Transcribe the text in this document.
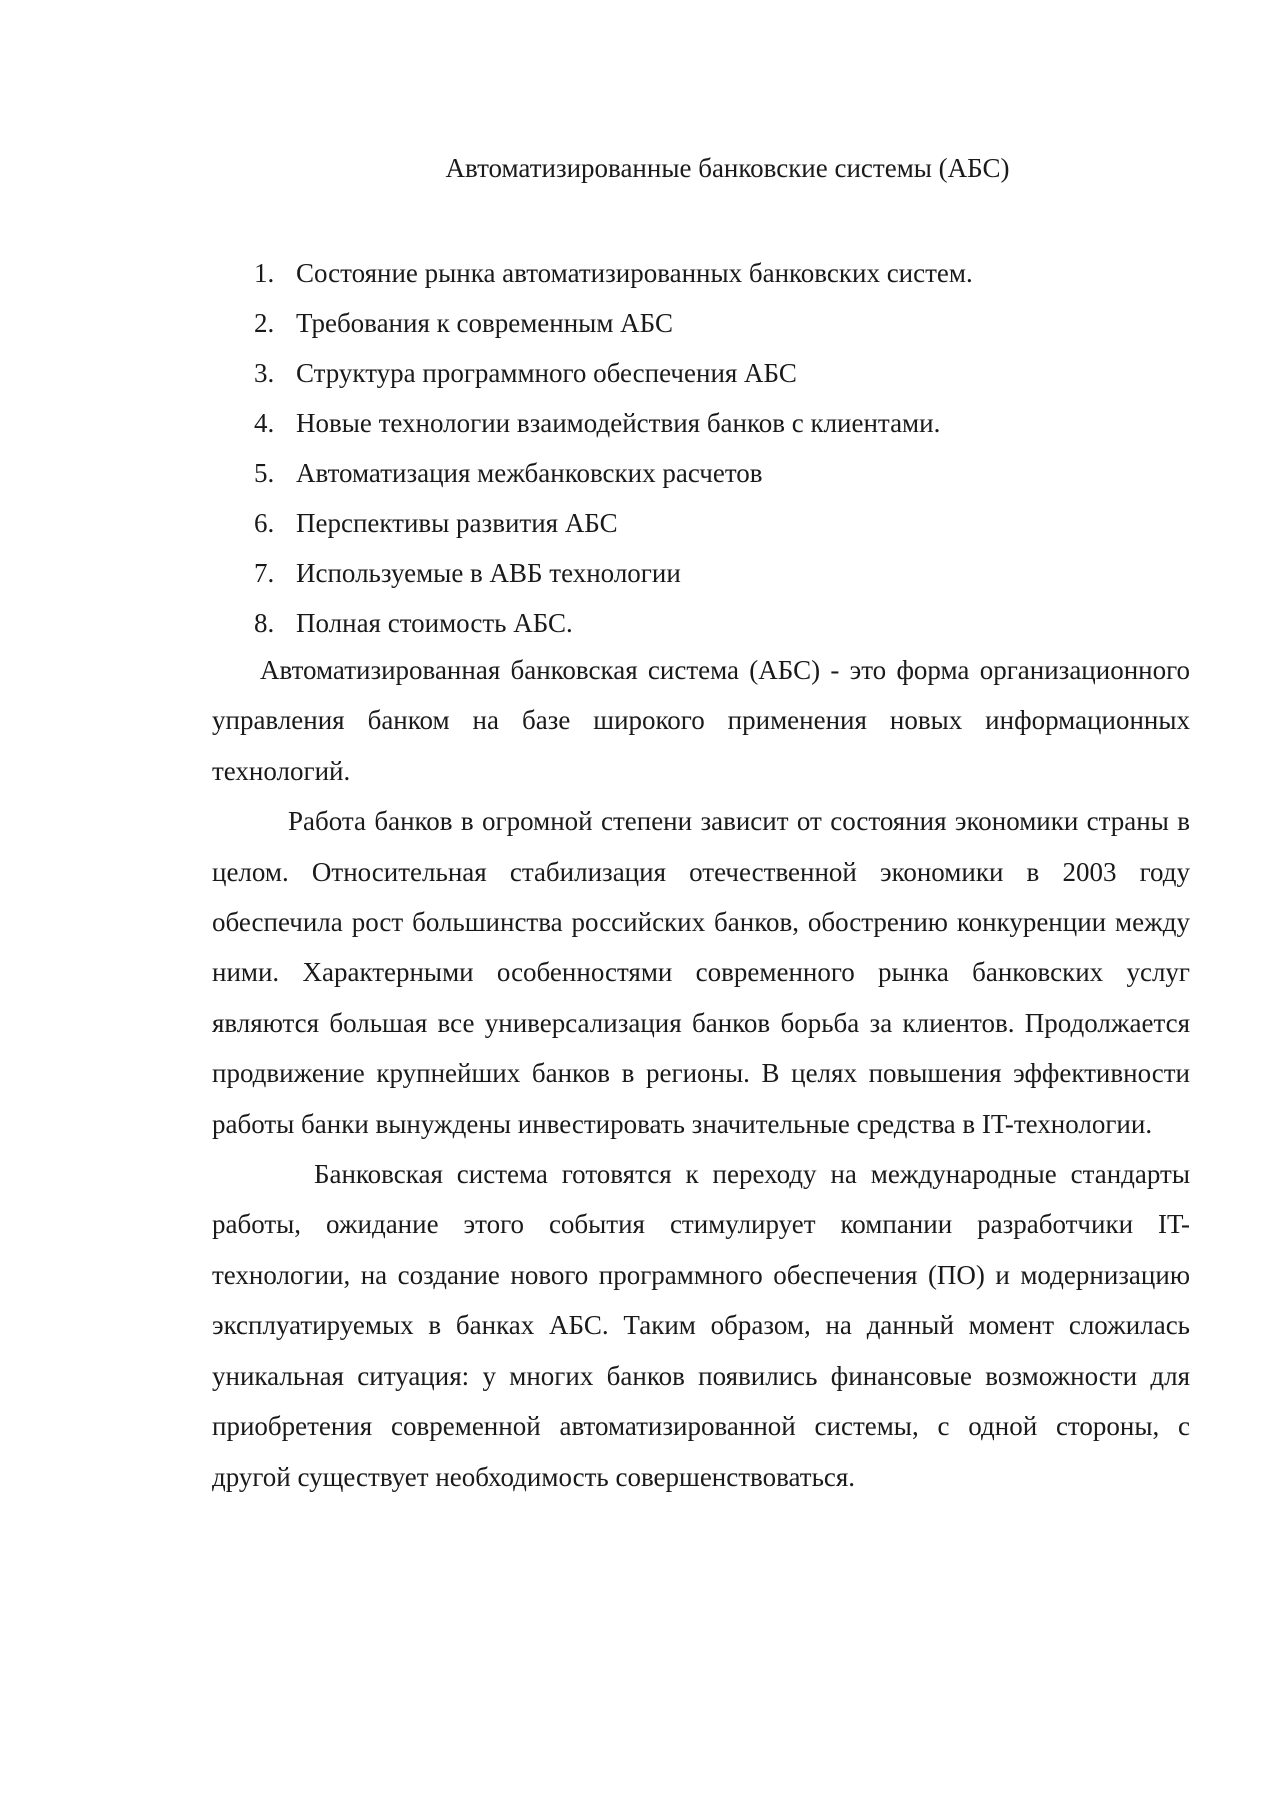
Автоматизированные банковские системы (АБС)
1. Состояние рынка автоматизированных банковских систем.
2. Требования к современным АБС
3. Структура программного обеспечения АБС
4. Новые технологии взаимодействия банков с клиентами.
5. Автоматизация межбанковских расчетов
6. Перспективы развития АБС
7. Используемые в АВБ технологии
8. Полная стоимость АБС.

Автоматизированная банковская система (АБС) - это форма организационного управления банком на базе широкого применения новых информационных технологий.

Работа банков в огромной степени зависит от состояния экономики страны в целом. Относительная стабилизация отечественной экономики в 2003 году обеспечила рост большинства российских банков, обострению конкуренции между ними. Характерными особенностями современного рынка банковских услуг являются большая все универсализация банков борьба за клиентов. Продолжается продвижение крупнейших банков в регионы. В целях повышения эффективности работы банки вынуждены инвестировать значительные средства в IT-технологии.

Банковская система готовятся к переходу на международные стандарты работы, ожидание этого события стимулирует компании разработчики IT-технологии, на создание нового программного обеспечения (ПО) и модернизацию эксплуатируемых в банках АБС. Таким образом, на данный момент сложилась уникальная ситуация: у многих банков появились финансовые возможности для приобретения современной автоматизированной системы, с одной стороны, с другой существует необходимость совершенствоваться.
